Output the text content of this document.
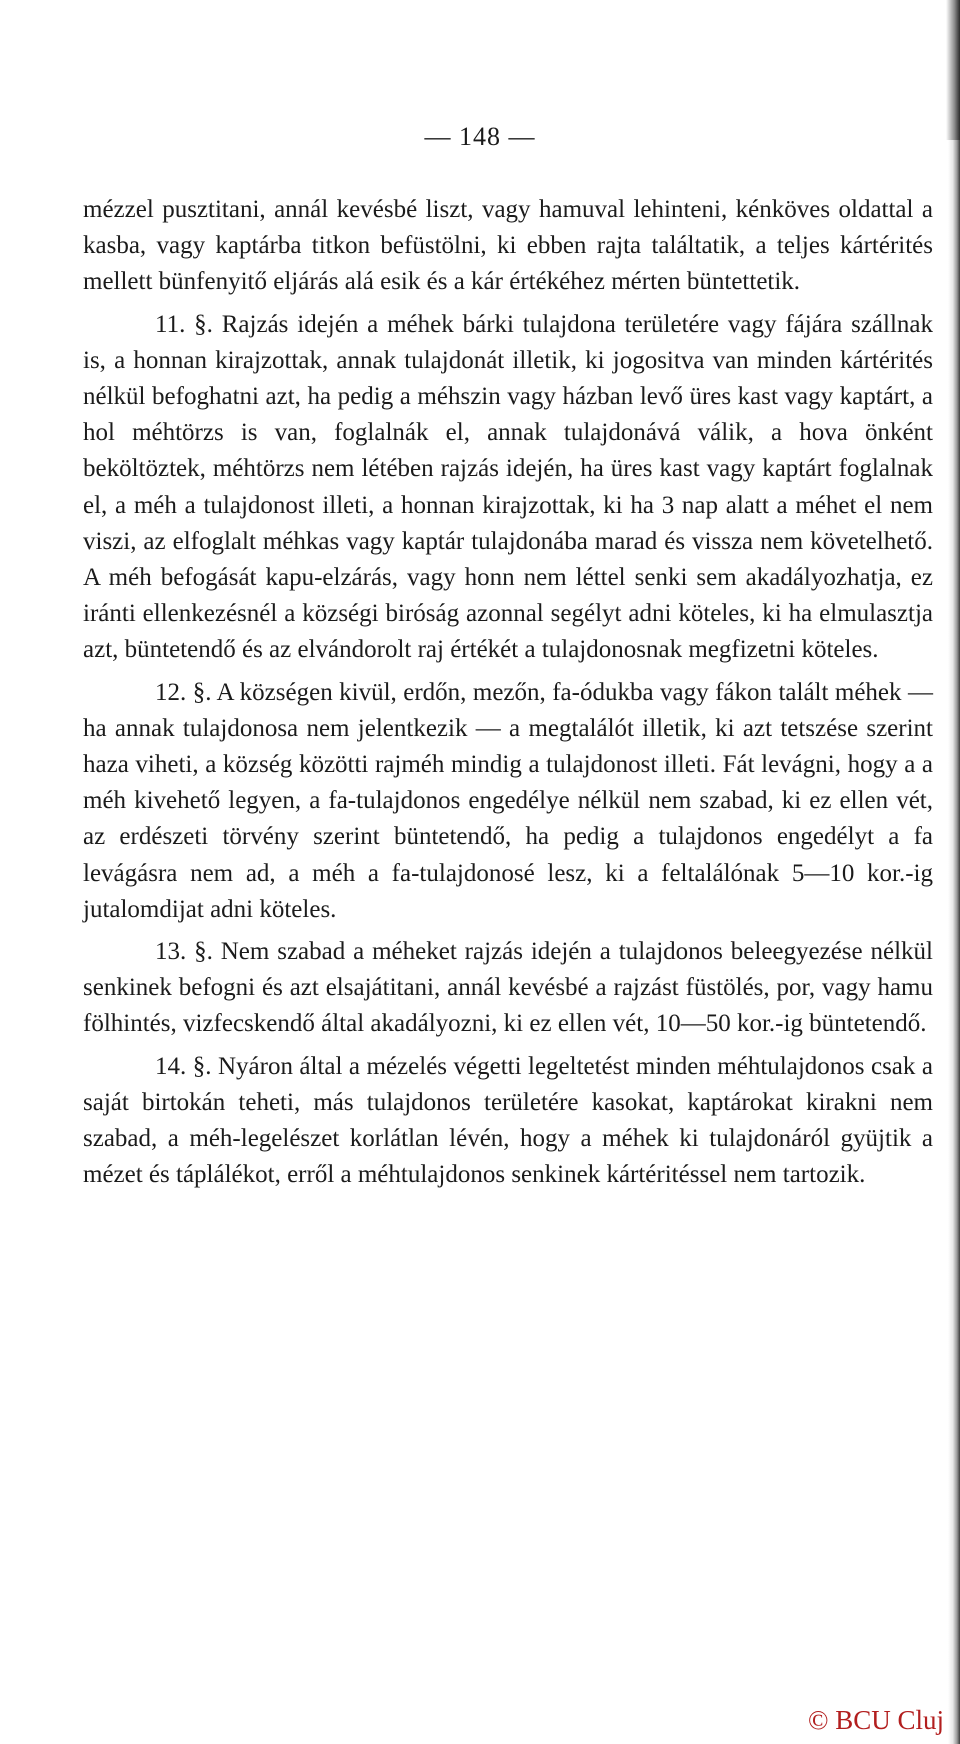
— 148 —

mézzel pusztitani, annál kevésbé liszt, vagy hamuval lehinteni, kénköves oldattal a kasba, vagy kaptárba titkon befüstölni, ki ebben rajta találtatik, a teljes kártérités mellett bünfenyitő eljárás alá esik és a kár értékéhez mérten büntettetik.

11. §. Rajzás idején a méhek bárki tulajdona területére vagy fájára szállnak is, a honnan kirajzottak, annak tulajdonát illetik, ki jogositva van minden kártérités nélkül befoghatni azt, ha pedig a méhszin vagy házban levő üres kast vagy kaptárt, a hol méhtörzs is van, foglalnák el, annak tulajdonává válik, a hova önként beköltöztek, méhtörzs nem létében rajzás idején, ha üres kast vagy kaptárt foglalnak el, a méh a tulajdonost illeti, a honnan kirajzottak, ki ha 3 nap alatt a méhet el nem viszi, az elfoglalt méhkas vagy kaptár tulajdonába marad és vissza nem követelhető. A méh befogását kapu-elzárás, vagy honn nem léttel senki sem akadályozhatja, ez iránti ellenkezésnél a községi biróság azonnal segélyt adni köteles, ki ha elmulasztja azt, büntetendő és az elvándorolt raj értékét a tulajdonosnak megfizetni köteles.

12. §. A községen kivül, erdőn, mezőn, fa-ódukba vagy fákon talált méhek — ha annak tulajdonosa nem jelentkezik — a megtalálót illetik, ki azt tetszése szerint haza viheti, a község közötti rajméh mindig a tulajdonost illeti. Fát levágni, hogy a a méh kivehető legyen, a fa-tulajdonos engedélye nélkül nem szabad, ki ez ellen vét, az erdészeti törvény szerint büntetendő, ha pedig a tulajdonos engedélyt a fa levágásra nem ad, a méh a fa-tulajdonosé lesz, ki a feltalálónak 5—10 kor.-ig jutalomdijat adni köteles.

13. §. Nem szabad a méheket rajzás idején a tulajdonos beleegyezése nélkül senkinek befogni és azt elsajátitani, annál kevésbé a rajzást füstölés, por, vagy hamu fölhintés, vizfecskendő által akadályozni, ki ez ellen vét, 10—50 kor.-ig büntetendő.

14. §. Nyáron által a mézelés végetti legeltetést minden méhtulajdonos csak a saját birtokán teheti, más tulajdonos területére kasokat, kaptárokat kirakni nem szabad, a méh-legelészet korlátlan lévén, hogy a méhek ki tulajdonáról gyüjtik a mézet és táplálékot, erről a méhtulajdonos senkinek kártéritéssel nem tartozik.

© BCU Cluj
